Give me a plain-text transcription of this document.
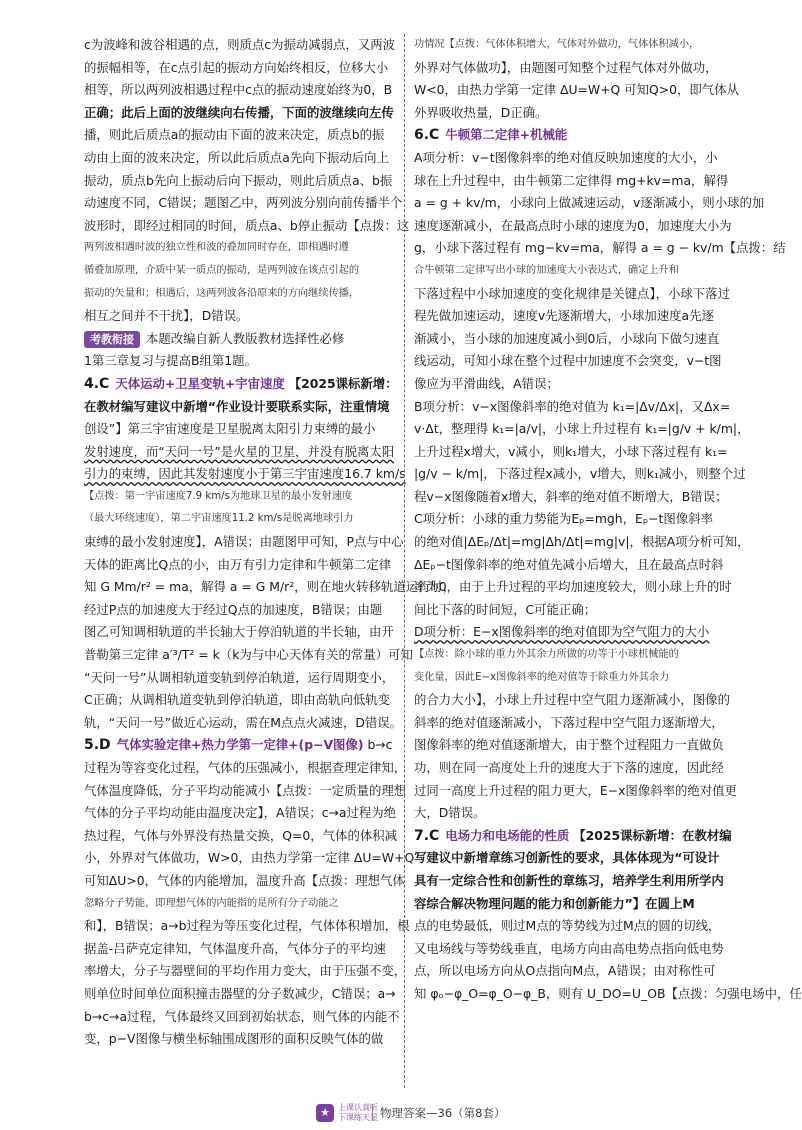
c为波峰和波谷相遇的点，则质点c为振动减弱点，又两波

的振幅相等，在c点引起的振动方向始终相反，位移大小

相等，所以两列波相遇过程中c点的振动速度始终为0，B

正确；此后上面的波继续向右传播，下面的波继续向左传

播，则此后质点a的振动由下面的波来决定，质点b的振

动由上面的波来决定，所以此后质点a先向下振动后向上

振动，质点b先向上振动后向下振动，则此后质点a、b振

动速度不同，C错误；题图乙中，两列波分别向前传播半个

波形时，即经过相同的时间，质点a、b停止振动【点拨：这

两列波相遇时波的独立性和波的叠加同时存在，即相遇时遵

循叠加原理，介质中某一质点的振动，是两列波在该点引起的

振动的矢量和；相遇后，这两列波各沿原来的方向继续传播，

相互之间并不干扰】，D错误。

考教衔接 本题改编自新人教版教材选择性必修

1第三章复习与提高B组第1题。

4.C 天体运动+卫星变轨+宇宙速度 【2025课标新增：

在教材编写建议中新增“作业设计要联系实际，注重情境

创设”】第三宇宙速度是卫星脱离太阳引力束缚的最小

发射速度，而“天问一号”是火星的卫星，并没有脱离太阳

引力的束缚，因此其发射速度小于第三宇宙速度16.7 km/s

【点拨：第一宇宙速度7.9 km/s为地球卫星的最小发射速度

（最大环绕速度），第二宇宙速度11.2 km/s是脱离地球引力

束缚的最小发射速度】，A错误；由题图甲可知，P点与中心

天体的距离比Q点的小，由万有引力定律和牛顿第二定律

知 G Mm/r² = ma，解得 a = G M/r²，则在地火转移轨道运行时，

经过P点的加速度大于经过Q点的加速度，B错误；由题

图乙可知调相轨道的半长轴大于停泊轨道的半长轴，由开

普勒第三定律 a′³/T² = k（k为与中心天体有关的常量）可知

“天问一号”从调相轨道变轨到停泊轨道，运行周期变小，

C正确；从调相轨道变轨到停泊轨道，即由高轨向低轨变

轨，“天问一号”做近心运动，需在M点点火减速，D错误。

5.D 气体实验定律+热力学第一定律+(p−V图像) b→c

过程为等容变化过程，气体的压强减小，根据查理定律知，

气体温度降低，分子平均动能减小【点拨：一定质量的理想

气体的分子平均动能由温度决定】，A错误；c→a过程为绝

热过程，气体与外界没有热量交换，Q=0，气体的体积减

小，外界对气体做功，W>0，由热力学第一定律 ΔU=W+Q

可知ΔU>0，气体的内能增加，温度升高【点拨：理想气体

忽略分子势能，即理想气体的内能指的是所有分子动能之

和】，B错误；a→b过程为等压变化过程，气体体积增加，根

据盖-吕萨克定律知，气体温度升高，气体分子的平均速

率增大，分子与器壁间的平均作用力变大，由于压强不变，

则单位时间单位面积撞击器壁的分子数减少，C错误；a→

b→c→a过程，气体最终又回到初始状态，则气体的内能不

变，p−V图像与横坐标轴围成图形的面积反映气体的做

功情况【点拨：气体体积增大，气体对外做功，气体体积减小，

外界对气体做功】，由题图可知整个过程气体对外做功，

W<0，由热力学第一定律 ΔU=W+Q 可知Q>0，即气体从

外界吸收热量，D正确。

6.C 牛顿第二定律+机械能

A项分析：v−t图像斜率的绝对值反映加速度的大小，小

球在上升过程中，由牛顿第二定律得 mg+kv=ma，解得

a = g + kv/m，小球向上做减速运动，v逐渐减小，则小球的加

速度逐渐减小，在最高点时小球的速度为0，加速度大小为

g，小球下落过程有 mg−kv=ma，解得 a = g − kv/m【点拨：结

合牛顿第二定律写出小球的加速度大小表达式，确定上升和

下落过程中小球加速度的变化规律是关键点】，小球下落过

程先做加速运动，速度v先逐渐增大，小球加速度a先逐

渐减小，当小球的加速度减小到0后，小球向下做匀速直

线运动，可知小球在整个过程中加速度不会突变，v−t图

像应为平滑曲线，A错误；

B项分析：v−x图像斜率的绝对值为 k₁=|Δv/Δx|，又Δx=

v·Δt，整理得 k₁=|a/v|，小球上升过程有 k₁=|g/v + k/m|，

上升过程x增大，v减小，则k₁增大，小球下落过程有 k₁=

|g/v − k/m|，下落过程x减小，v增大，则k₁减小，则整个过

程v−x图像随着x增大，斜率的绝对值不断增大，B错误；

C项分析：小球的重力势能为Eₚ=mgh，Eₚ−t图像斜率

的绝对值|ΔEₚ/Δt|=mg|Δh/Δt|=mg|v|，根据A项分析可知，

ΔEₚ−t图像斜率的绝对值先减小后增大，且在最高点时斜

率为0，由于上升过程的平均加速度较大，则小球上升的时

间比下落的时间短，C可能正确；

D项分析：E−x图像斜率的绝对值即为空气阻力的大小

【点拨：除小球的重力外其余力所做的功等于小球机械能的

变化量，因此E−x图像斜率的绝对值等于除重力外其余力

的合力大小】，小球上升过程中空气阻力逐渐减小，图像的

斜率的绝对值逐渐减小，下落过程中空气阻力逐渐增大，

图像斜率的绝对值逐渐增大，由于整个过程阻力一直做负

功，则在同一高度处上升的速度大于下落的速度，因此经

过同一高度上升过程的阻力更大，E−x图像斜率的绝对值更

大，D错误。

7.C 电场力和电场能的性质 【2025课标新增：在教材编

写建议中新增章练习创新性的要求，具体体现为“可设计

具有一定综合性和创新性的章练习，培养学生利用所学内

容综合解决物理问题的能力和创新能力”】在圆上M

点的电势最低，则过M点的等势线为过M点的圆的切线，

又电场线与等势线垂直，电场方向由高电势点指向低电势

点，所以电场方向从O点指向M点，A错误；由对称性可

知 φₒ−φ_O=φ_O−φ_B，则有 U_DO=U_OB【点拨：匀强电场中，任

★	上课认真听
下课练天星 物理答案—36（第8套）
